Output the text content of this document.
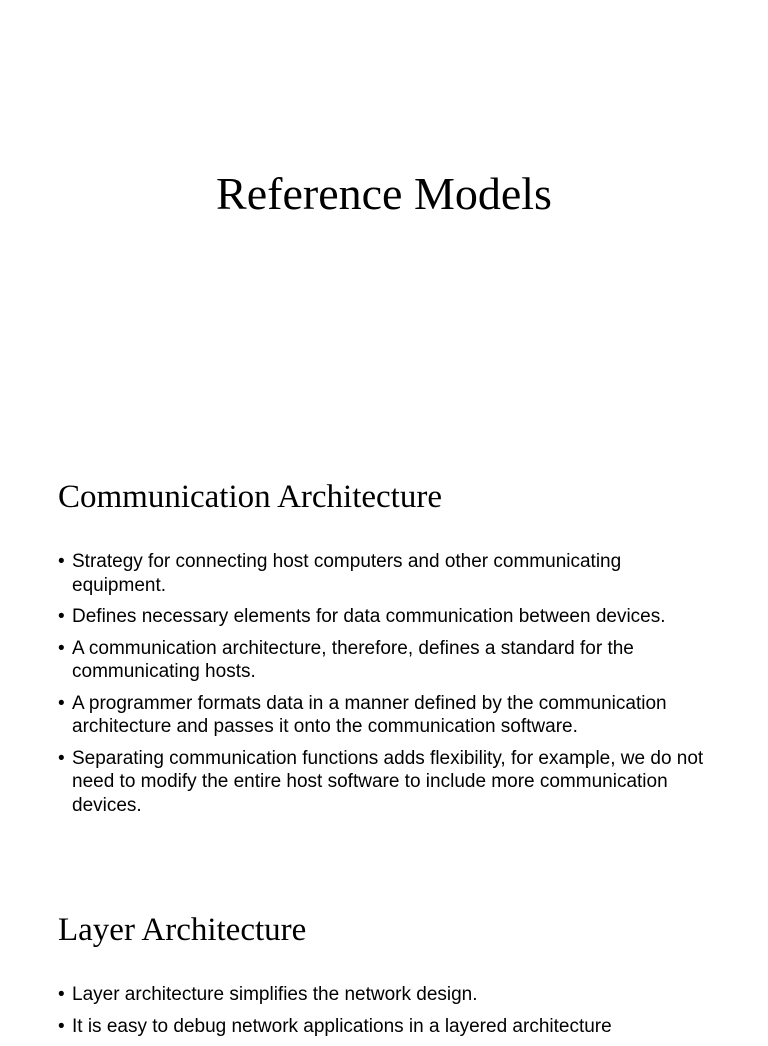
Reference Models
Communication Architecture
• Strategy for connecting host computers and other communicating equipment.
• Defines necessary elements for data communication between devices.
• A communication architecture, therefore, defines a standard for the communicating hosts.
• A programmer formats data in a manner defined by the communication architecture and passes it onto the communication software.
• Separating communication functions adds flexibility, for example, we do not need to modify the entire host software to include more communication devices.
Layer Architecture
• Layer architecture simplifies the network design.
• It is easy to debug network applications in a layered architecture
